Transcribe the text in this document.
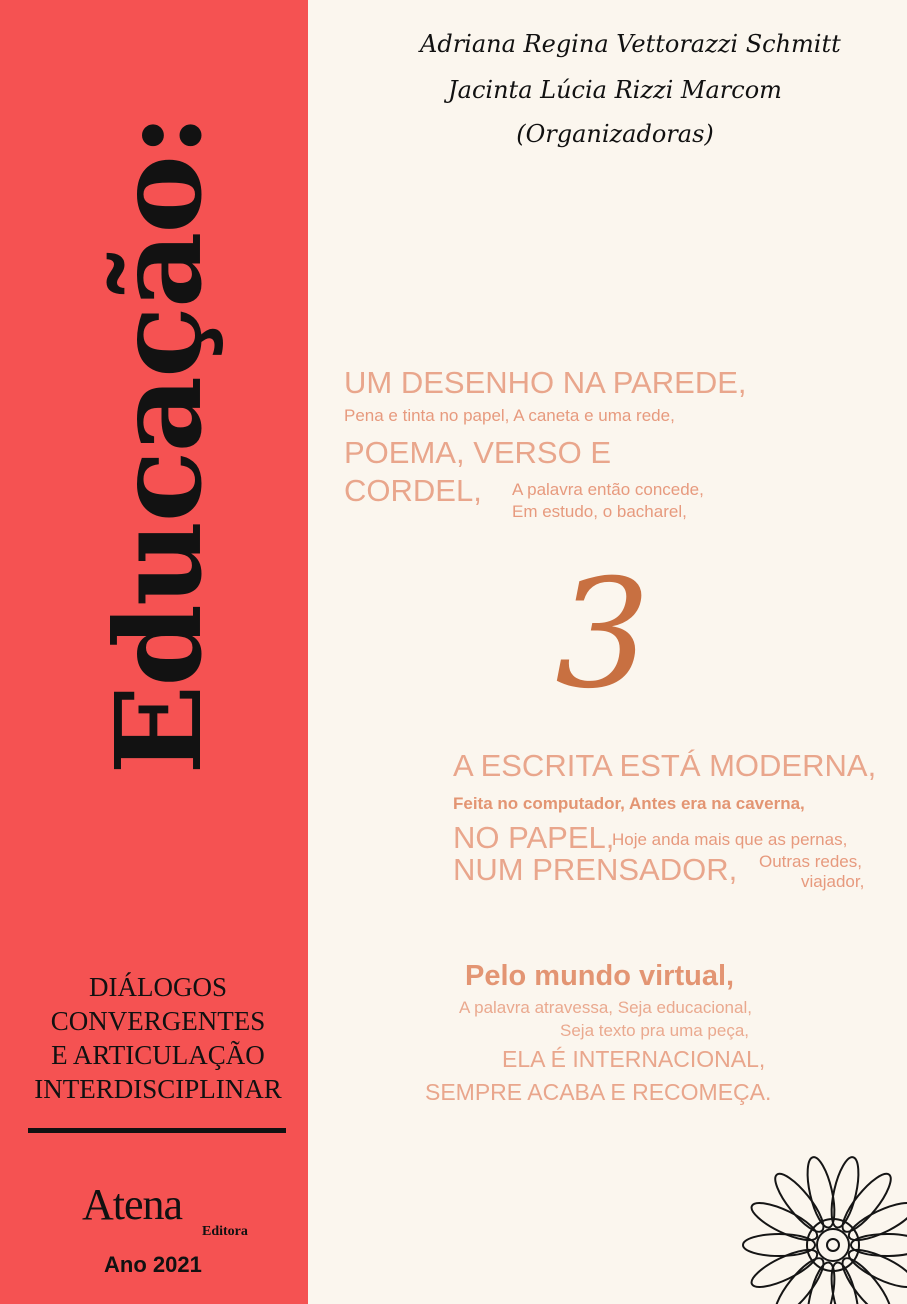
Educação:
DIÁLOGOS
CONVERGENTES
E ARTICULAÇÃO
INTERDISCIPLINAR
Atena
Editora
Ano 2021
Adriana Regina Vettorazzi Schmitt
Jacinta Lúcia Rizzi Marcom
(Organizadoras)
UM DESENHO NA PAREDE,
Pena e tinta no papel, A caneta e uma rede,
POEMA, VERSO E
CORDEL, A palavra então concede,
Em estudo, o bacharel,
3
A ESCRITA ESTÁ MODERNA,
Feita no computador, Antes era na caverna,
NO PAPEL,
Hoje anda mais que as pernas,
NUM PRENSADOR, Outras redes,
viajador,
Pelo mundo virtual,
A palavra atravessa, Seja educacional,
Seja texto pra uma peça,
ELA É INTERNACIONAL,
SEMPRE ACABA E RECOMEÇA.
